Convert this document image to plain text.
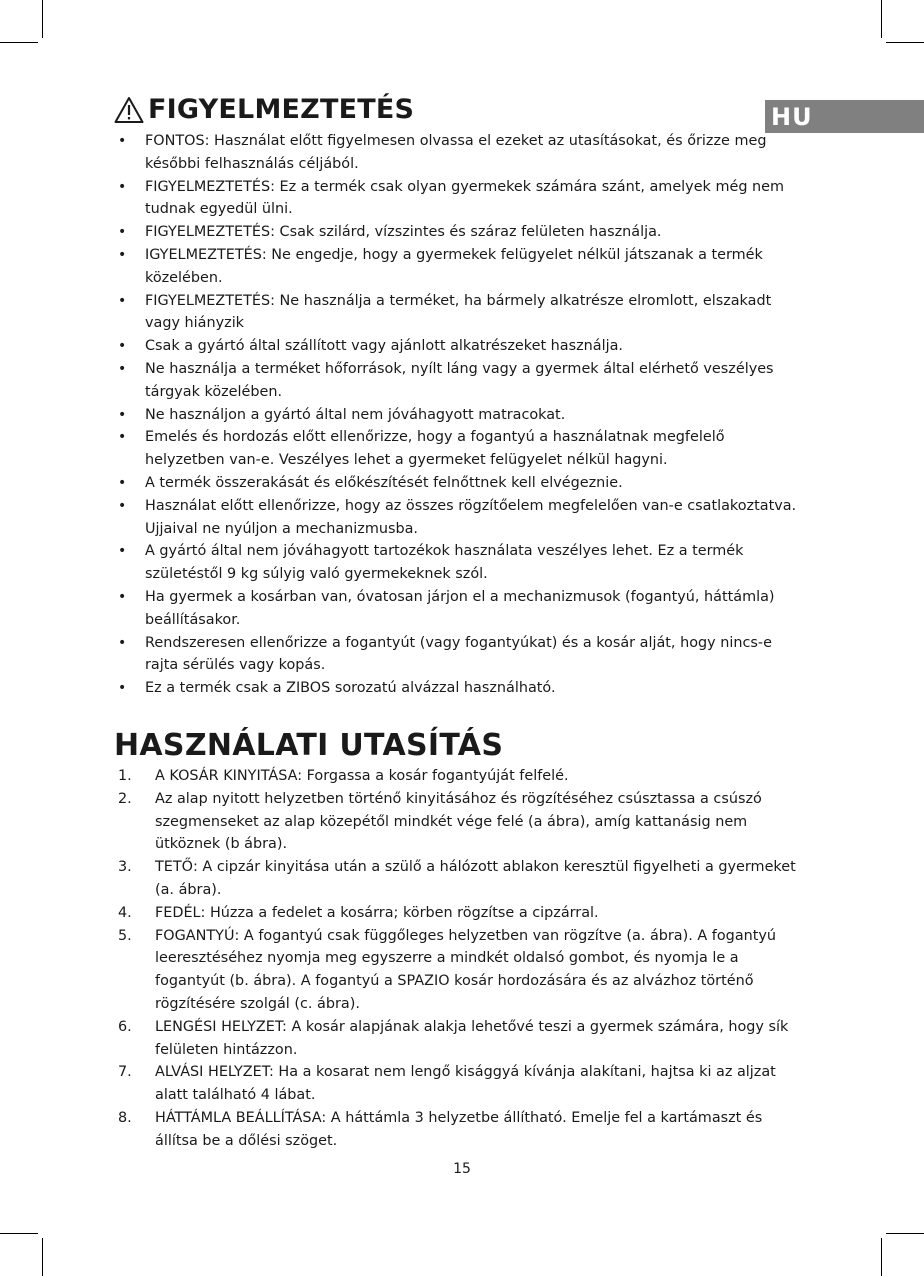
HU
FIGYELMEZTETÉS
• FONTOS: Használat előtt figyelmesen olvassa el ezeket az utasításokat, és őrizze meg későbbi felhasználás céljából.
• FIGYELMEZTETÉS: Ez a termék csak olyan gyermekek számára szánt, amelyek még nem tudnak egyedül ülni.
• FIGYELMEZTETÉS: Csak szilárd, vízszintes és száraz felületen használja.
• IGYELMEZTETÉS: Ne engedje, hogy a gyermekek felügyelet nélkül játszanak a termék közelében.
• FIGYELMEZTETÉS: Ne használja a terméket, ha bármely alkatrésze elromlott, elszakadt vagy hiányzik
• Csak a gyártó által szállított vagy ajánlott alkatrészeket használja.
• Ne használja a terméket hőforrások, nyílt láng vagy a gyermek által elérhető veszélyes tárgyak közelében.
• Ne használjon a gyártó által nem jóváhagyott matracokat.
• Emelés és hordozás előtt ellenőrizze, hogy a fogantyú a használatnak megfelelő helyzetben van-e. Veszélyes lehet a gyermeket felügyelet nélkül hagyni.
• A termék összerakását és előkészítését felnőttnek kell elvégeznie.
• Használat előtt ellenőrizze, hogy az összes rögzítőelem megfelelően van-e csatlakoztatva. Ujjaival ne nyúljon a mechanizmusba.
• A gyártó által nem jóváhagyott tartozékok használata veszélyes lehet. Ez a termék születéstől 9 kg súlyig való gyermekeknek szól.
• Ha gyermek a kosárban van, óvatosan járjon el a mechanizmusok (fogantyú, háttámla) beállításakor.
• Rendszeresen ellenőrizze a fogantyút (vagy fogantyúkat) és a kosár alját, hogy nincs-e rajta sérülés vagy kopás.
• Ez a termék csak a ZIBOS sorozatú alvázzal használható.
HASZNÁLATI UTASÍTÁS
1.	A KOSÁR KINYITÁSA: Forgassa a kosár fogantyúját felfelé.
2.	Az alap nyitott helyzetben történő kinyitásához és rögzítéséhez csúsztassa a csúszó szegmenseket az alap közepétől mindkét vége felé (a ábra), amíg kattanásig nem ütköznek (b ábra).
3.	TETŐ: A cipzár kinyitása után a szülő a hálózott ablakon keresztül figyelheti a gyermeket (a. ábra).
4.	FEDÉL: Húzza a fedelet a kosárra; körben rögzítse a cipzárral.
5.	FOGANTYÚ: A fogantyú csak függőleges helyzetben van rögzítve (a. ábra). A fogantyú leeresztéséhez nyomja meg egyszerre a mindkét oldalsó gombot, és nyomja le a fogantyút (b. ábra). A fogantyú a SPAZIO kosár hordozására és az alvázhoz történő rögzítésére szolgál (c. ábra).
6.	LENGÉSI HELYZET: A kosár alapjának alakja lehetővé teszi a gyermek számára, hogy sík felületen hintázzon.
7.	ALVÁSI HELYZET: Ha a kosarat nem lengő kisággyá kívánja alakítani, hajtsa ki az aljzat alatt található 4 lábat.
8.	HÁTTÁMLA BEÁLLÍTÁSA: A háttámla 3 helyzetbe állítható. Emelje fel a kartámaszt és állítsa be a dőlési szöget.
15
